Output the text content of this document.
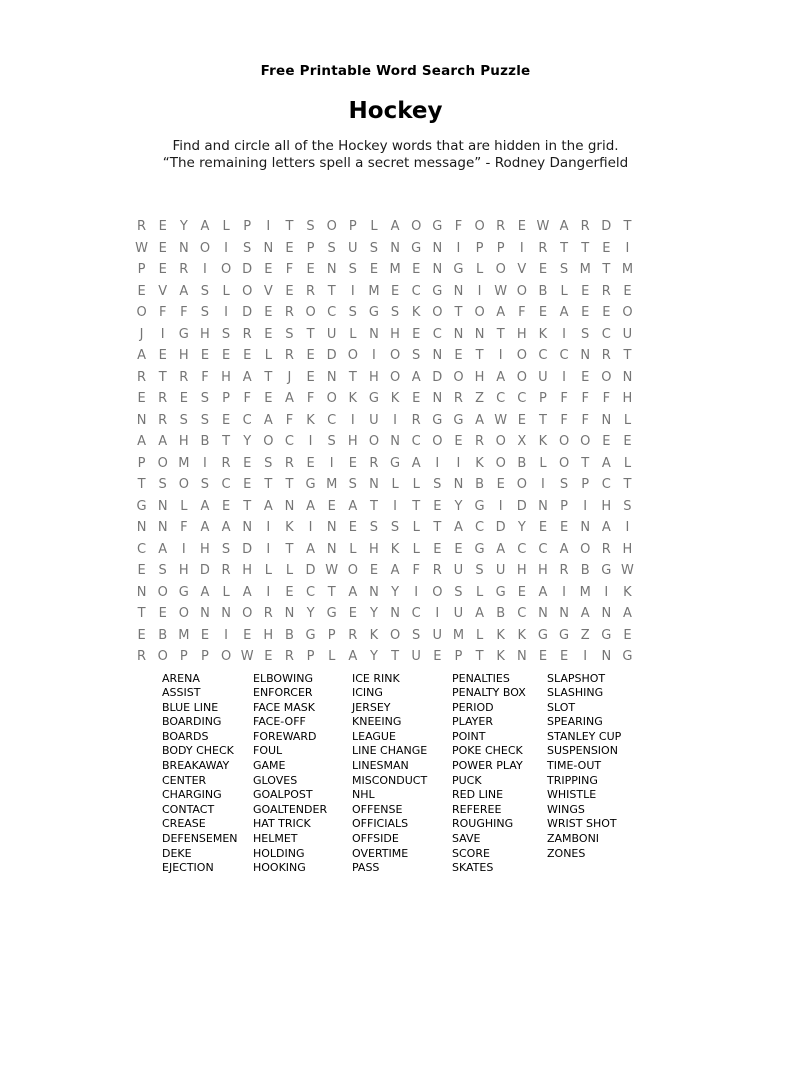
Free Printable Word Search Puzzle
Hockey
Find and circle all of the Hockey words that are hidden in the grid.
“The remaining letters spell a secret message” - Rodney Dangerfield
R E	Y A	L	P	I	T	S O P	L	A O G F O R E W A R D T
W E N O	I	S N E	P	S U S N G N	I	P	P	I	R T	T	E	I
P	E R	I	O D E	F	E N S E M E N G L O V E S M T M
E V A S	L O V E R T	I	M E C G N	I W O B	L	E R E
O F	F	S	I	D E R O C S G S K O T O A F	E A E E O
J	I	G H S R E S	T U L N H E C N N T H K	I	S C U
A E H E E E	L R E D O	I	O S N E	T	I	O C C N R T
R T R F H A T	J	E N T H O A D O H A O U	I	E O N
E R E S	P	F	E A F O K G K E N R Z C C P	F	F	F H
N R S S E C A F	K C	I	U	I	R G G A W E	T	F	F N L
A A H B T	Y O C	I	S H O N C O E R O X K O O E E
P O M	I	R E S R E	I	E R G A	I	I	K O B	L O T A	L
T	S O S C E	T	T G M S N L	L	S N B E O	I	S	P C T
G N L	A E	T A N A E A T	I	T	E	Y G	I	D N P	I	H S
N N F A A N	I	K	I	N E S S	L	T A C D Y	E E N A	I
C A	I	H S D	I	T A N L H K	L	E E G A C C A O R H
E S H D R H L	L D W O E A F R U S U H H R B G W
N O G A	L	A	I	E C T A N Y	I	O S	L G E A	I	M	I	K
T	E O N N O R N Y G E	Y N C	I	U A B C N N A N A
E B M E	I	E H B G P R K O S U M L	K K G G Z G E
R O P	P O W E R P	L	A Y	T U E	P	T K N E E	I	N G
ARENA
ASSIST
BLUE LINE
BOARDING
BOARDS
BODY CHECK
BREAKAWAY
CENTER
CHARGING
CONTACT
CREASE
DEFENSEMEN
DEKE
EJECTION
ELBOWING
ENFORCER
FACE MASK
FACE-OFF
FOREWARD
FOUL
GAME
GLOVES
GOALPOST
GOALTENDER
HAT TRICK
HELMET
HOLDING
HOOKING
ICE RINK
ICING
JERSEY
KNEEING
LEAGUE
LINE CHANGE
LINESMAN
MISCONDUCT
NHL
OFFENSE
OFFICIALS
OFFSIDE
OVERTIME
PASS
PENALTIES
PENALTY BOX
PERIOD
PLAYER
POINT
POKE CHECK
POWER PLAY
PUCK
RED LINE
REFEREE
ROUGHING
SAVE
SCORE
SKATES
SLAPSHOT
SLASHING
SLOT
SPEARING
STANLEY CUP
SUSPENSION
TIME-OUT
TRIPPING
WHISTLE
WINGS
WRIST SHOT
ZAMBONI
ZONES
